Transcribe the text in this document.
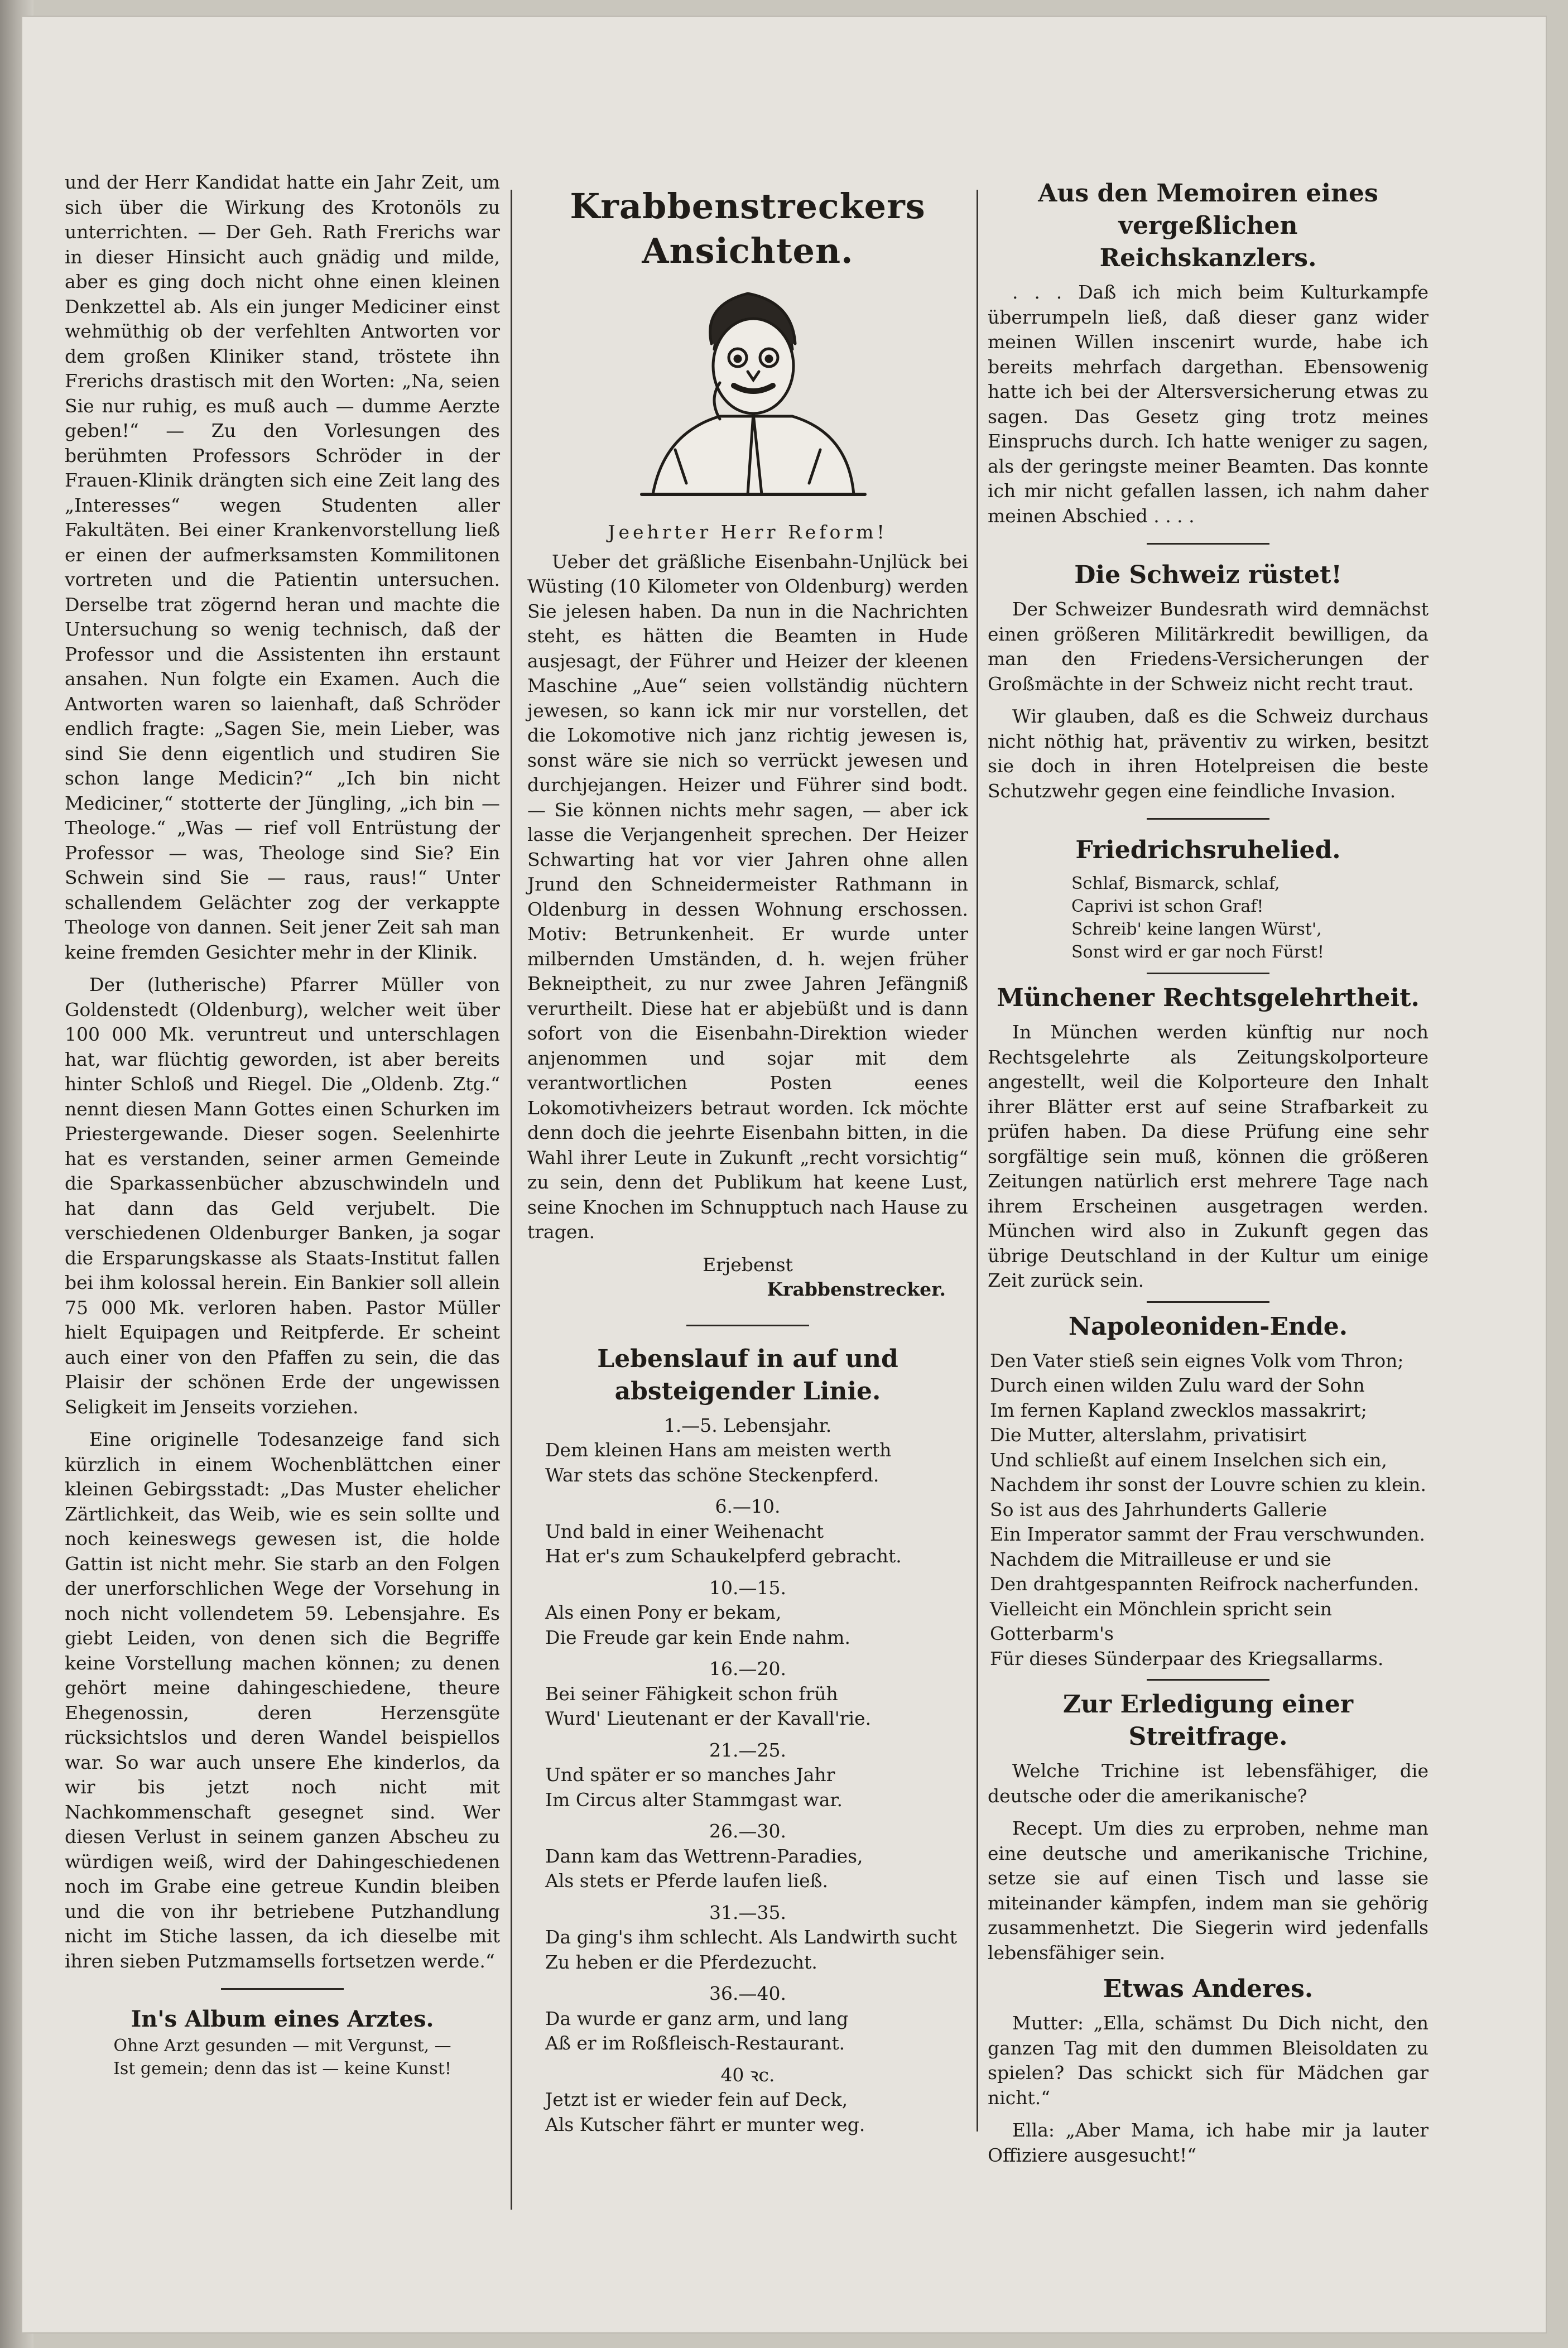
und der Herr Kandidat hatte ein Jahr Zeit, um sich über die Wirkung des Krotonöls zu unterrichten. — Der Geh. Rath Frerichs war in dieser Hinsicht auch gnädig und milde, aber es ging doch nicht ohne einen kleinen Denkzettel ab. Als ein junger Mediciner einst wehmüthig ob der verfehlten Antworten vor dem großen Kliniker stand, tröstete ihn Frerichs drastisch mit den Worten: „Na, seien Sie nur ruhig, es muß auch — dumme Aerzte geben!“ — Zu den Vorlesungen des berühmten Professors Schröder in der Frauen-Klinik drängten sich eine Zeit lang des „Interesses“ wegen Studenten aller Fakultäten. Bei einer Krankenvorstellung ließ er einen der aufmerksamsten Kommilitonen vortreten und die Patientin untersuchen. Derselbe trat zögernd heran und machte die Untersuchung so wenig technisch, daß der Professor und die Assistenten ihn erstaunt ansahen. Nun folgte ein Examen. Auch die Antworten waren so laienhaft, daß Schröder endlich fragte: „Sagen Sie, mein Lieber, was sind Sie denn eigentlich und studiren Sie schon lange Medicin?“ „Ich bin nicht Mediciner,“ stotterte der Jüngling, „ich bin — Theologe.“ „Was — rief voll Entrüstung der Professor — was, Theologe sind Sie? Ein Schwein sind Sie — raus, raus!“ Unter schallendem Gelächter zog der verkappte Theologe von dannen. Seit jener Zeit sah man keine fremden Gesichter mehr in der Klinik.

Der (lutherische) Pfarrer Müller von Goldenstedt (Oldenburg), welcher weit über 100 000 Mk. veruntreut und unterschlagen hat, war flüchtig geworden, ist aber bereits hinter Schloß und Riegel. Die „Oldenb. Ztg.“ nennt diesen Mann Gottes einen Schurken im Priestergewande. Dieser sogen. Seelenhirte hat es verstanden, seiner armen Gemeinde die Sparkassenbücher abzuschwindeln und hat dann das Geld verjubelt. Die verschiedenen Oldenburger Banken, ja sogar die Ersparungskasse als Staats-Institut fallen bei ihm kolossal herein. Ein Bankier soll allein 75 000 Mk. verloren haben. Pastor Müller hielt Equipagen und Reitpferde. Er scheint auch einer von den Pfaffen zu sein, die das Plaisir der schönen Erde der ungewissen Seligkeit im Jenseits vorziehen.

Eine originelle Todesanzeige fand sich kürzlich in einem Wochenblättchen einer kleinen Gebirgsstadt: „Das Muster ehelicher Zärtlichkeit, das Weib, wie es sein sollte und noch keineswegs gewesen ist, die holde Gattin ist nicht mehr. Sie starb an den Folgen der unerforschlichen Wege der Vorsehung in noch nicht vollendetem 59. Lebensjahre. Es giebt Leiden, von denen sich die Begriffe keine Vorstellung machen können; zu denen gehört meine dahingeschiedene, theure Ehegenossin, deren Herzensgüte rücksichtslos und deren Wandel beispiellos war. So war auch unsere Ehe kinderlos, da wir bis jetzt noch nicht mit Nachkommenschaft gesegnet sind. Wer diesen Verlust in seinem ganzen Abscheu zu würdigen weiß, wird der Dahingeschiedenen noch im Grabe eine getreue Kundin bleiben und die von ihr betriebene Putzhandlung nicht im Stiche lassen, da ich dieselbe mit ihren sieben Putzmamsells fortsetzen werde.“

In's Album eines Arztes.
Ohne Arzt gesunden — mit Vergunst, —
Ist gemein; denn das ist — keine Kunst!
Krabbenstreckers Ansichten.
Jeehrter Herr Reform!

Ueber det gräßliche Eisenbahn-Unjlück bei Wüsting (10 Kilometer von Oldenburg) werden Sie jelesen haben. Da nun in die Nachrichten steht, es hätten die Beamten in Hude ausjesagt, der Führer und Heizer der kleenen Maschine „Aue“ seien vollständig nüchtern jewesen, so kann ick mir nur vorstellen, det die Lokomotive nich janz richtig jewesen is, sonst wäre sie nich so verrückt jewesen und durchjejangen. Heizer und Führer sind bodt. — Sie können nichts mehr sagen, — aber ick lasse die Verjangenheit sprechen. Der Heizer Schwarting hat vor vier Jahren ohne allen Jrund den Schneidermeister Rathmann in Oldenburg in dessen Wohnung erschossen. Motiv: Betrunkenheit. Er wurde unter milbernden Umständen, d. h. wejen früher Bekneiptheit, zu nur zwee Jahren Jefängniß verurtheilt. Diese hat er abjebüßt und is dann sofort von die Eisenbahn-Direktion wieder anjenommen und sojar mit dem verantwortlichen Posten eenes Lokomotivheizers betraut worden. Ick möchte denn doch die jeehrte Eisenbahn bitten, in die Wahl ihrer Leute in Zukunft „recht vorsichtig“ zu sein, denn det Publikum hat keene Lust, seine Knochen im Schnupptuch nach Hause zu tragen.

Erjebenst
Krabbenstrecker.
Lebenslauf in auf und absteigender Linie.
1.—5. Lebensjahr.
Dem kleinen Hans am meisten werth
War stets das schöne Steckenpferd.
6.—10.
Und bald in einer Weihenacht
Hat er's zum Schaukelpferd gebracht.
10.—15.
Als einen Pony er bekam,
Die Freude gar kein Ende nahm.
16.—20.
Bei seiner Fähigkeit schon früh
Wurd' Lieutenant er der Kavall'rie.
21.—25.
Und später er so manches Jahr
Im Circus alter Stammgast war.
26.—30.
Dann kam das Wettrenn-Paradies,
Als stets er Pferde laufen ließ.
31.—35.
Da ging's ihm schlecht. Als Landwirth sucht
Zu heben er die Pferdezucht.
36.—40.
Da wurde er ganz arm, und lang
Aß er im Roßfleisch-Restaurant.
40 ꝛc.
Jetzt ist er wieder fein auf Deck,
Als Kutscher fährt er munter weg.
Aus den Memoiren eines vergeßlichen Reichskanzlers.

. . . Daß ich mich beim Kulturkampfe überrumpeln ließ, daß dieser ganz wider meinen Willen inscenirt wurde, habe ich bereits mehrfach dargethan. Ebensowenig hatte ich bei der Altersversicherung etwas zu sagen. Das Gesetz ging trotz meines Einspruchs durch. Ich hatte weniger zu sagen, als der geringste meiner Beamten. Das konnte ich mir nicht gefallen lassen, ich nahm daher meinen Abschied . . . .

Die Schweiz rüstet!

Der Schweizer Bundesrath wird demnächst einen größeren Militärkredit bewilligen, da man den Friedens-Versicherungen der Großmächte in der Schweiz nicht recht traut.

Wir glauben, daß es die Schweiz durchaus nicht nöthig hat, präventiv zu wirken, besitzt sie doch in ihren Hotelpreisen die beste Schutzwehr gegen eine feindliche Invasion.

Friedrichsruhelied.
Schlaf, Bismarck, schlaf,
Caprivi ist schon Graf!
Schreib' keine langen Würst',
Sonst wird er gar noch Fürst!
Münchener Rechtsgelehrtheit.

In München werden künftig nur noch Rechtsgelehrte als Zeitungskolporteure angestellt, weil die Kolporteure den Inhalt ihrer Blätter erst auf seine Strafbarkeit zu prüfen haben. Da diese Prüfung eine sehr sorgfältige sein muß, können die größeren Zeitungen natürlich erst mehrere Tage nach ihrem Erscheinen ausgetragen werden. München wird also in Zukunft gegen das übrige Deutschland in der Kultur um einige Zeit zurück sein.

Napoleoniden-Ende.
Den Vater stieß sein eignes Volk vom Thron;
Durch einen wilden Zulu ward der Sohn
Im fernen Kapland zwecklos massakrirt;
Die Mutter, alterslahm, privatisirt
Und schließt auf einem Inselchen sich ein,
Nachdem ihr sonst der Louvre schien zu klein.
So ist aus des Jahrhunderts Gallerie
Ein Imperator sammt der Frau verschwunden.
Nachdem die Mitrailleuse er und sie
Den drahtgespannten Reifrock nacherfunden.
Vielleicht ein Mönchlein spricht sein Gotterbarm's
Für dieses Sünderpaar des Kriegsallarms.
Zur Erledigung einer Streitfrage.

Welche Trichine ist lebensfähiger, die deutsche oder die amerikanische?

Recept. Um dies zu erproben, nehme man eine deutsche und amerikanische Trichine, setze sie auf einen Tisch und lasse sie miteinander kämpfen, indem man sie gehörig zusammenhetzt. Die Siegerin wird jedenfalls lebensfähiger sein.

Etwas Anderes.

Mutter: „Ella, schämst Du Dich nicht, den ganzen Tag mit den dummen Bleisoldaten zu spielen? Das schickt sich für Mädchen gar nicht.“

Ella: „Aber Mama, ich habe mir ja lauter Offiziere ausgesucht!“
